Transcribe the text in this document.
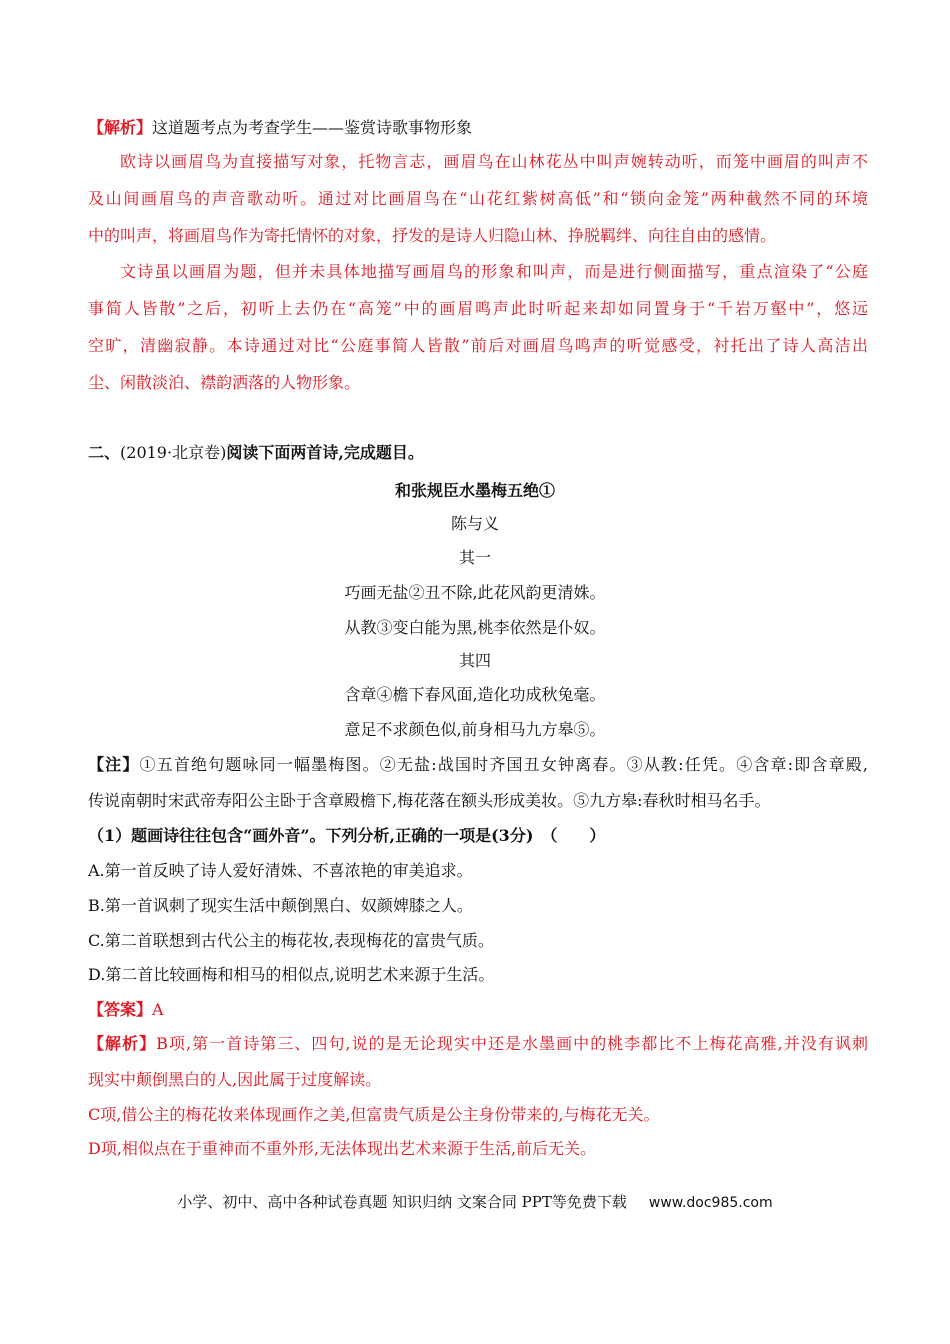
【解析】这道题考点为考查学生——鉴赏诗歌事物形象
欧诗以画眉鸟为直接描写对象，托物言志，画眉鸟在山林花丛中叫声婉转动听，而笼中画眉的叫声不
及山间画眉鸟的声音歌动听。通过对比画眉鸟在“山花红紫树高低”和“锁向金笼”两种截然不同的环境
中的叫声，将画眉鸟作为寄托情怀的对象，抒发的是诗人归隐山林、挣脱羁绊、向往自由的感情。
文诗虽以画眉为题，但并未具体地描写画眉鸟的形象和叫声，而是进行侧面描写，重点渲染了“公庭
事简人皆散”之后，初听上去仍在“高笼”中的画眉鸣声此时听起来却如同置身于“千岩万壑中”，悠远
空旷，清幽寂静。本诗通过对比“公庭事简人皆散”前后对画眉鸟鸣声的听觉感受，衬托出了诗人高洁出
尘、闲散淡泊、襟韵洒落的人物形象。
二、(2019·北京卷)阅读下面两首诗,完成题目。
和张规臣水墨梅五绝①
陈与义
其一
巧画无盐②丑不除,此花风韵更清姝。
从教③变白能为黑,桃李依然是仆奴。
其四
含章④檐下春风面,造化功成秋兔毫。
意足不求颜色似,前身相马九方皋⑤。
【注】①五首绝句题咏同一幅墨梅图。②无盐:战国时齐国丑女钟离春。③从教:任凭。④含章:即含章殿,
传说南朝时宋武帝寿阳公主卧于含章殿檐下,梅花落在额头形成美妆。⑤九方皋:春秋时相马名手。
（1）题画诗往往包含“画外音”。下列分析,正确的一项是(3分)　（　　）
A.第一首反映了诗人爱好清姝、不喜浓艳的审美追求。
B.第一首讽刺了现实生活中颠倒黑白、奴颜婢膝之人。
C.第二首联想到古代公主的梅花妆,表现梅花的富贵气质。
D.第二首比较画梅和相马的相似点,说明艺术来源于生活。
【答案】A
【解析】B项,第一首诗第三、四句,说的是无论现实中还是水墨画中的桃李都比不上梅花高雅,并没有讽刺
现实中颠倒黑白的人,因此属于过度解读。
C项,借公主的梅花妆来体现画作之美,但富贵气质是公主身份带来的,与梅花无关。
D项,相似点在于重神而不重外形,无法体现出艺术来源于生活,前后无关。
小学、初中、高中各种试卷真题 知识归纳 文案合同 PPT等免费下载 www.doc985.com
